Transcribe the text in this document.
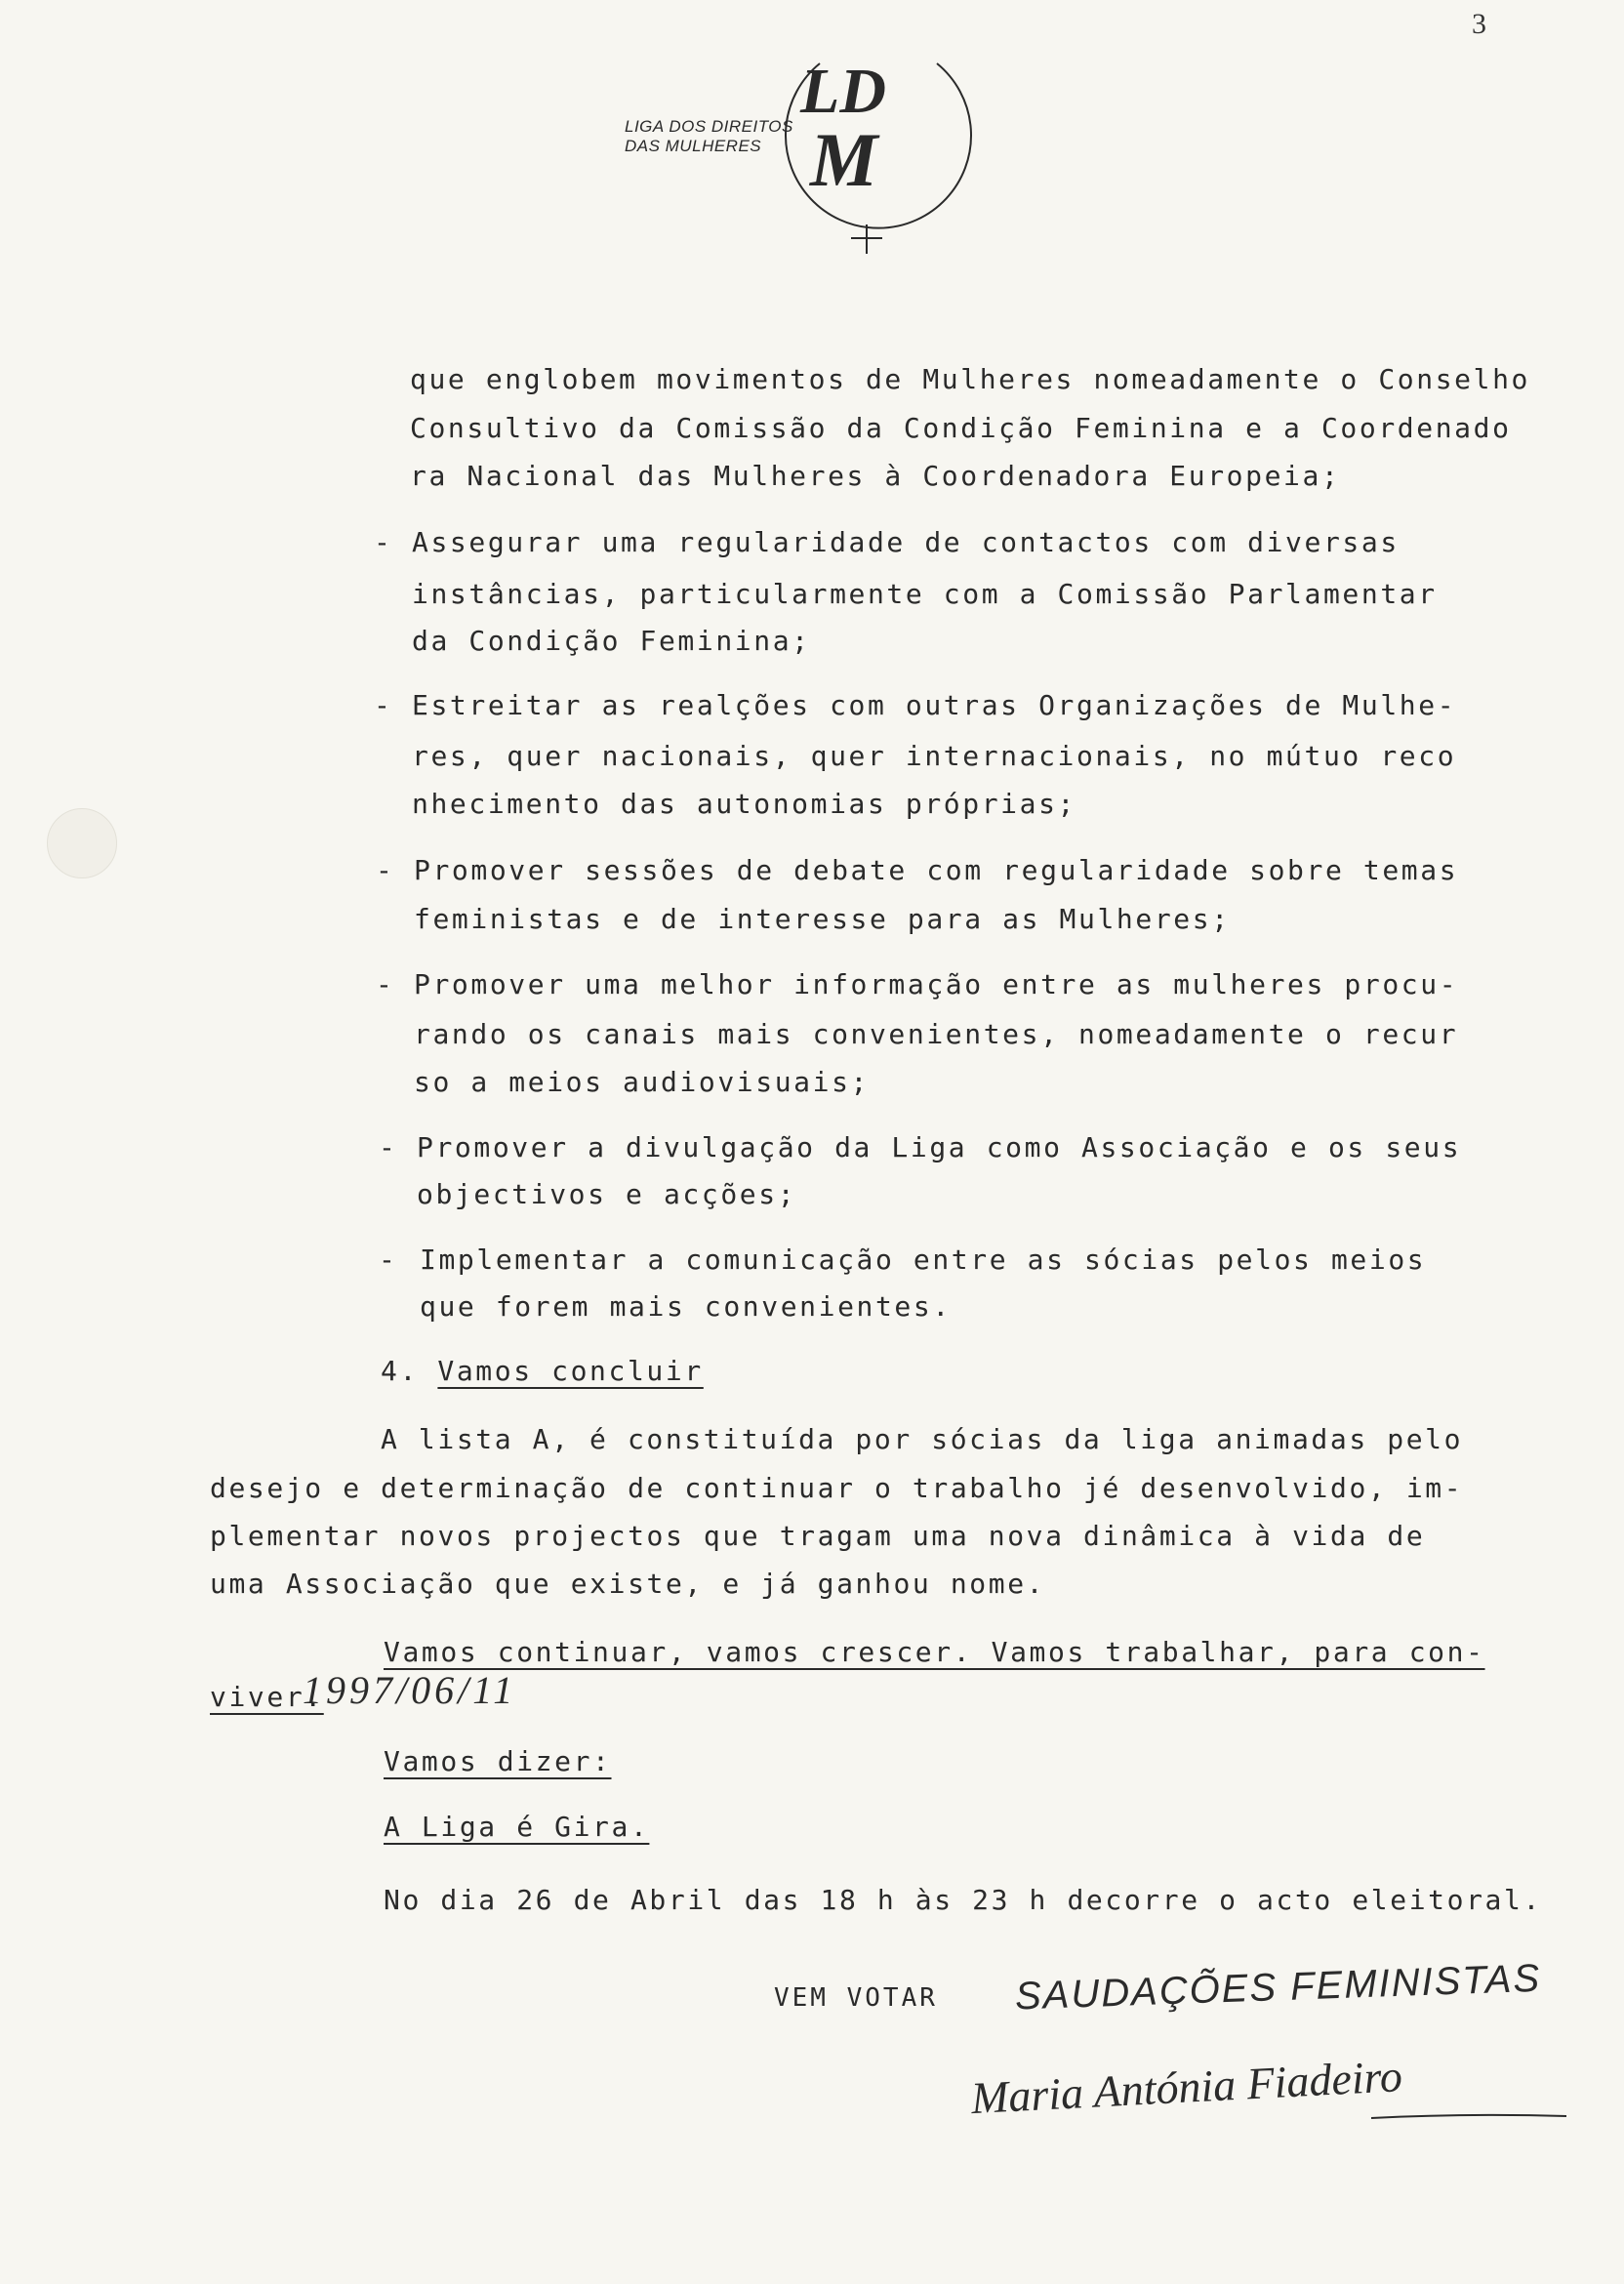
3
LIGA DOS DIREITOS
DAS MULHERES
LD
M
que englobem movimentos de Mulheres nomeadamente o Conselho
Consultivo da Comissão da Condição Feminina e a Coordenado
ra Nacional das Mulheres à Coordenadora Europeia;
- Assegurar uma regularidade de contactos com diversas
instâncias, particularmente com a Comissão Parlamentar
da Condição Feminina;
- Estreitar as realções com outras Organizações de Mulhe-
res, quer nacionais, quer internacionais, no mútuo reco
nhecimento das autonomias próprias;
- Promover sessões de debate com regularidade sobre temas
feministas e de interesse para as Mulheres;
- Promover uma melhor informação entre as mulheres procu-
rando os canais mais convenientes, nomeadamente o recur
so a meios audiovisuais;
- Promover a divulgação da Liga como Associação e os seus
objectivos e acções;
- Implementar a comunicação entre as sócias pelos meios
que forem mais convenientes.
4. Vamos concluir
A lista A, é constituída por sócias da liga animadas pelo
desejo e determinação de continuar o trabalho jé desenvolvido, im-
plementar novos projectos que tragam uma nova dinâmica à vida de
uma Associação que existe, e já ganhou nome.
Vamos continuar, vamos crescer. Vamos trabalhar, para con-
viver.
Vamos dizer:
A Liga é Gira.
No dia 26 de Abril das 18 h às 23 h decorre o acto eleitoral.
VEM VOTAR SAUDAÇÕES FEMINISTAS
Maria Antónia Fiadeiro
1997/06/11
